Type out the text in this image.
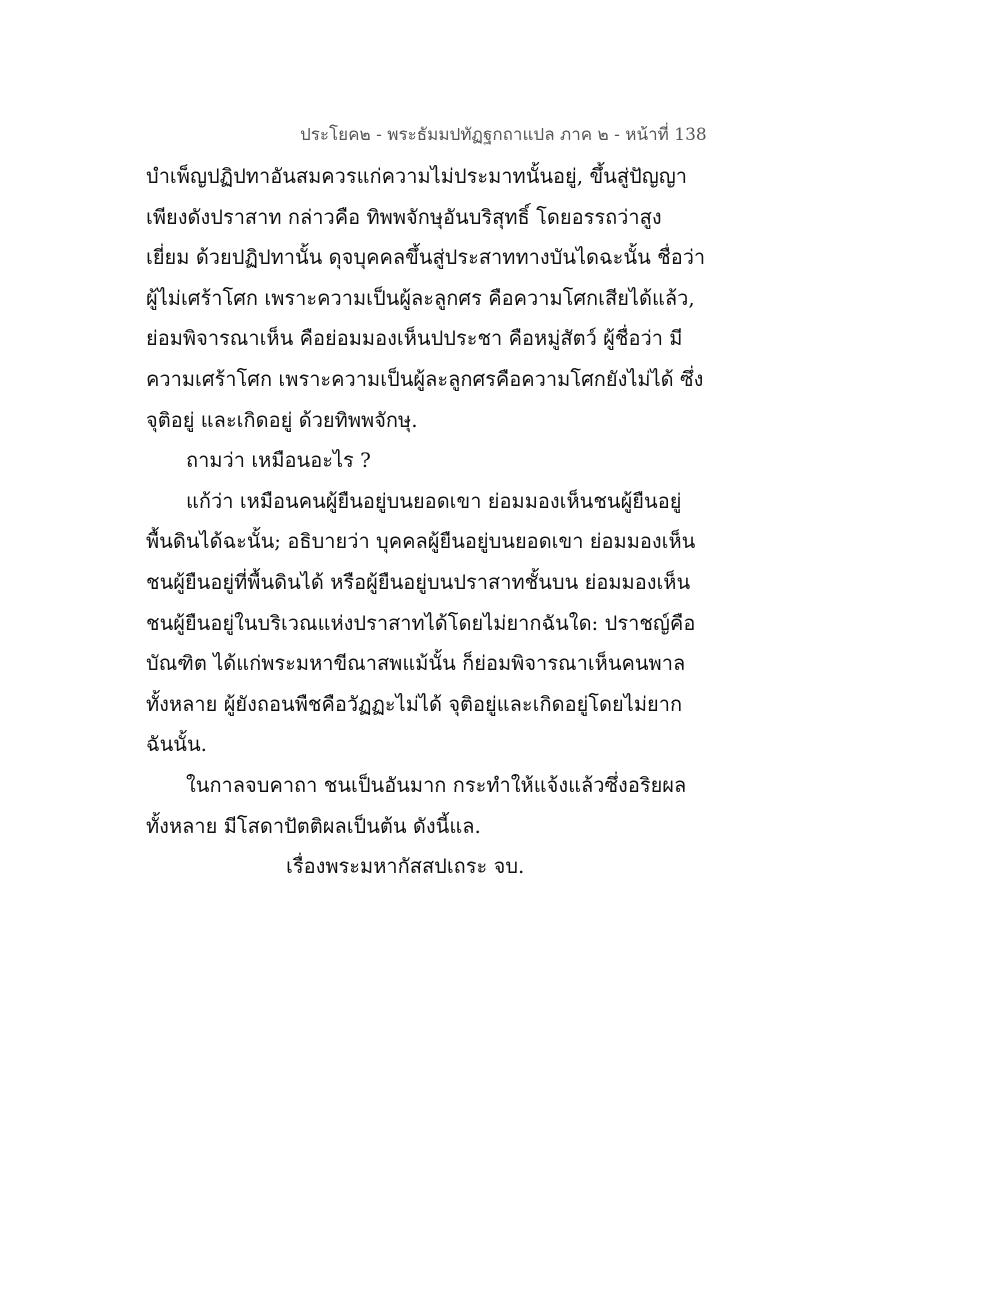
ประโยค๒ - พระธัมมปทัฏฐกถาแปล ภาค ๒ - หน้าที่ 138
บำเพ็ญปฏิปทาอันสมควรแก่ความไม่ประมาทนั้นอยู่, ขึ้นสู่ปัญญา
เพียงดังปราสาท กล่าวคือ ทิพพจักษุอันบริสุทธิ์ โดยอรรถว่าสูง
เยี่ยม ด้วยปฏิปทานั้น ดุจบุคคลขึ้นสู่ประสาททางบันไดฉะนั้น ชื่อว่า
ผู้ไม่เศร้าโศก เพราะความเป็นผู้ละลูกศร คือความโศกเสียได้แล้ว,
ย่อมพิจารณาเห็น คือย่อมมองเห็นปประชา คือหมู่สัตว์ ผู้ชื่อว่า มี
ความเศร้าโศก เพราะความเป็นผู้ละลูกศรคือความโศกยังไม่ได้ ซึ่ง
จุติอยู่ และเกิดอยู่ ด้วยทิพพจักษุ.
ถามว่า เหมือนอะไร ?
แก้ว่า เหมือนคนผู้ยืนอยู่บนยอดเขา ย่อมมองเห็นชนผู้ยืนอยู่
พื้นดินได้ฉะนั้น; อธิบายว่า บุคคลผู้ยืนอยู่บนยอดเขา ย่อมมองเห็น
ชนผู้ยืนอยู่ที่พื้นดินได้ หรือผู้ยืนอยู่บนปราสาทชั้นบน ย่อมมองเห็น
ชนผู้ยืนอยู่ในบริเวณแห่งปราสาทได้โดยไม่ยากฉันใด: ปราชญ์คือ
บัณฑิต ได้แก่พระมหาขีณาสพแม้นั้น ก็ย่อมพิจารณาเห็นคนพาล
ทั้งหลาย ผู้ยังถอนพืชคือวัฏฏะไม่ได้ จุติอยู่และเกิดอยู่โดยไม่ยาก
ฉันนั้น.
ในกาลจบคาถา ชนเป็นอันมาก กระทำให้แจ้งแล้วซึ่งอริยผล
ทั้งหลาย มีโสดาปัตติผลเป็นต้น ดังนี้แล.
เรื่องพระมหากัสสปเถระ จบ.
